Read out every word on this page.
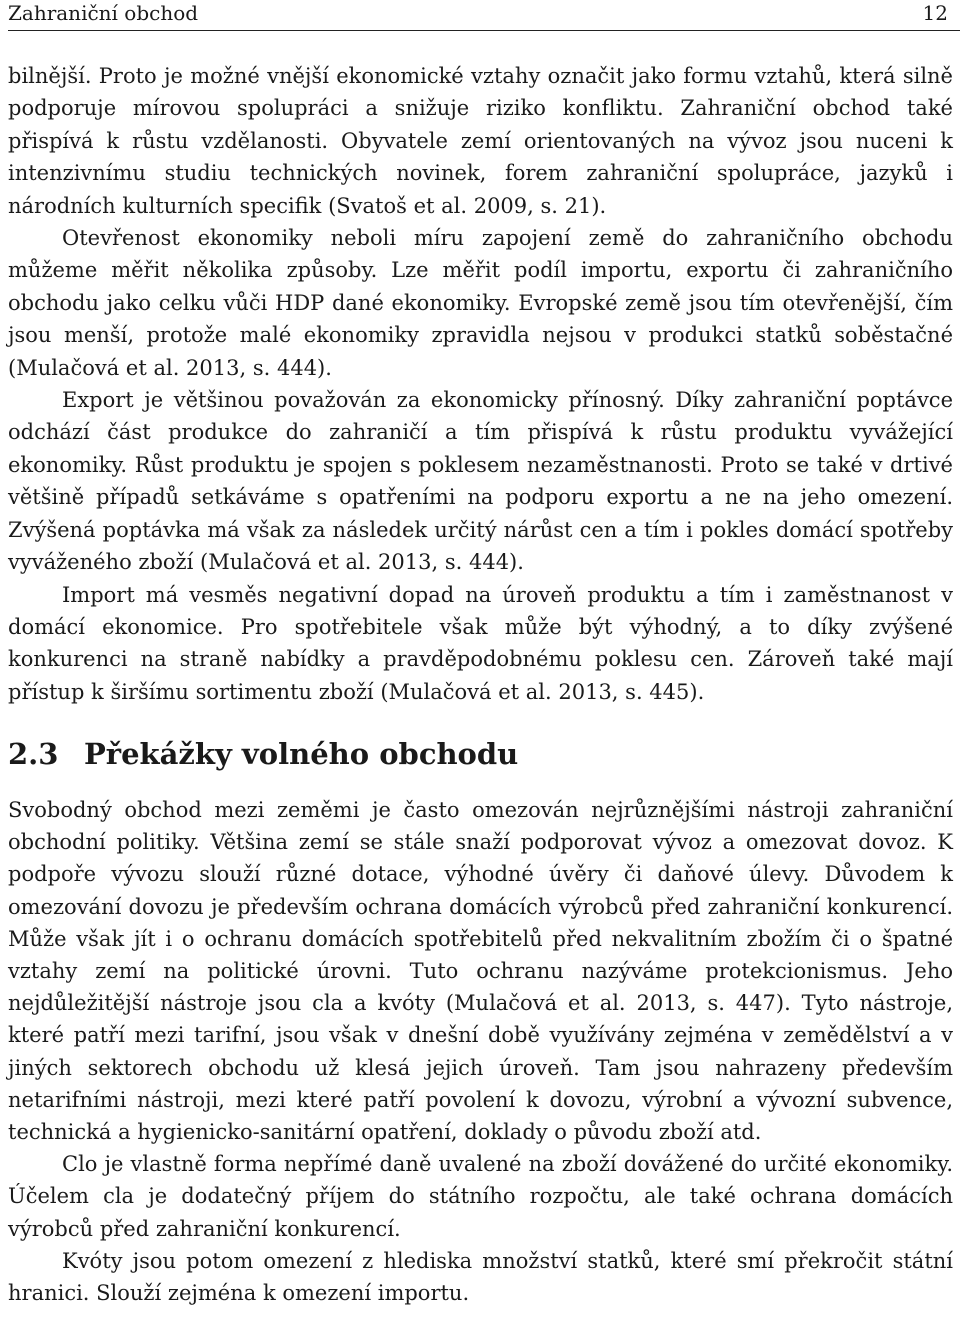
Zahraniční obchod	12

bilnější. Proto je možné vnější ekonomické vztahy označit jako formu vztahů, která silně podporuje mírovou spolupráci a snižuje riziko konfliktu. Zahraniční obchod také přispívá k růstu vzdělanosti. Obyvatele zemí orientovaných na vývoz jsou nuceni k intenzivnímu studiu technických novinek, forem zahraniční spolupráce, jazyků i národních kulturních specifik (Svatoš et al. 2009, s. 21).

Otevřenost ekonomiky neboli míru zapojení země do zahraničního obchodu můžeme měřit několika způsoby. Lze měřit podíl importu, exportu či zahraničního obchodu jako celku vůči HDP dané ekonomiky. Evropské země jsou tím otevřenější, čím jsou menší, protože malé ekonomiky zpravidla nejsou v produkci statků soběstačné (Mulačová et al. 2013, s. 444).

Export je většinou považován za ekonomicky přínosný. Díky zahraniční poptávce odchází část produkce do zahraničí a tím přispívá k růstu produktu vyvážející ekonomiky. Růst produktu je spojen s poklesem nezaměstnanosti. Proto se také v drtivé většině případů setkáváme s opatřeními na podporu exportu a ne na jeho omezení. Zvýšená poptávka má však za následek určitý nárůst cen a tím i pokles domácí spotřeby vyváženého zboží (Mulačová et al. 2013, s. 444).

Import má vesměs negativní dopad na úroveň produktu a tím i zaměstnanost v domácí ekonomice. Pro spotřebitele však může být výhodný, a to díky zvýšené konkurenci na straně nabídky a pravděpodobnému poklesu cen. Zároveň také mají přístup k širšímu sortimentu zboží (Mulačová et al. 2013, s. 445).

2.3 Překážky volného obchodu

Svobodný obchod mezi zeměmi je často omezován nejrůznějšími nástroji zahraniční obchodní politiky. Většina zemí se stále snaží podporovat vývoz a omezovat dovoz. K podpoře vývozu slouží různé dotace, výhodné úvěry či daňové úlevy. Důvodem k omezování dovozu je především ochrana domácích výrobců před zahraniční konkurencí. Může však jít i o ochranu domácích spotřebitelů před nekvalitním zbožím či o špatné vztahy zemí na politické úrovni. Tuto ochranu nazýváme protekcionismus. Jeho nejdůležitější nástroje jsou cla a kvóty (Mulačová et al. 2013, s. 447). Tyto nástroje, které patří mezi tarifní, jsou však v dnešní době využívány zejména v zemědělství a v jiných sektorech obchodu už klesá jejich úroveň. Tam jsou nahrazeny především netarifními nástroji, mezi které patří povolení k dovozu, výrobní a vývozní subvence, technická a hygienicko-sanitární opatření, doklady o původu zboží atd.

Clo je vlastně forma nepřímé daně uvalené na zboží dovážené do určité ekonomiky. Účelem cla je dodatečný příjem do státního rozpočtu, ale také ochrana domácích výrobců před zahraniční konkurencí.

Kvóty jsou potom omezení z hlediska množství statků, které smí překročit státní hranici. Slouží zejména k omezení importu.
